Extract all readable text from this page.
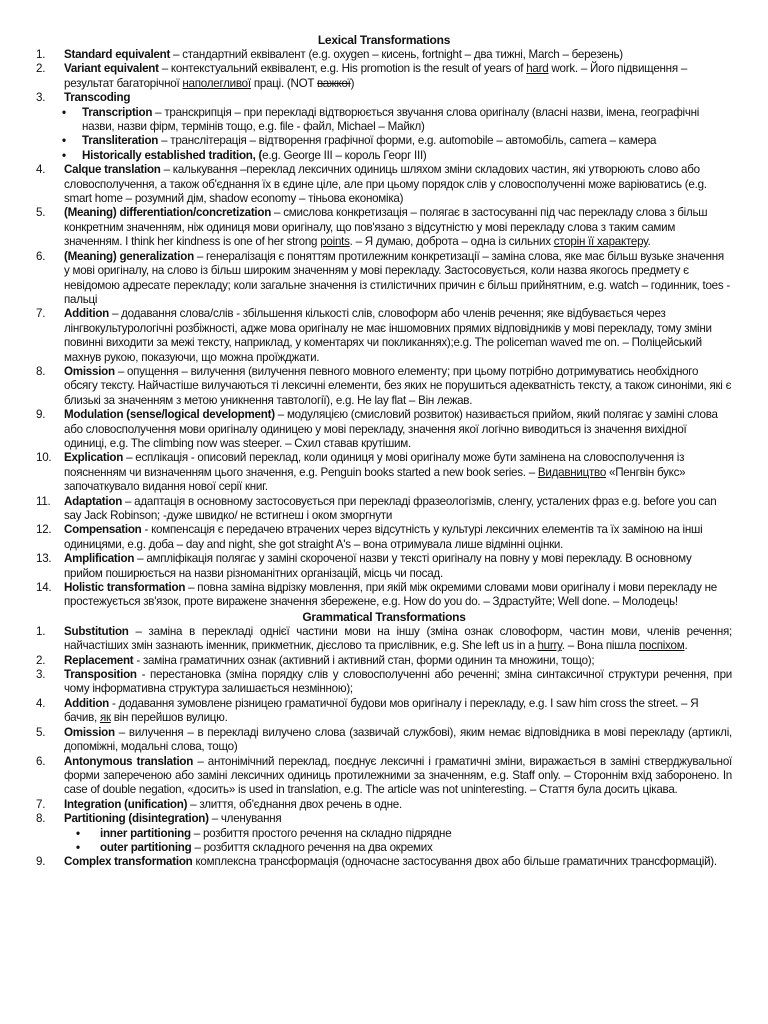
Lexical Transformations
1. Standard equivalent – стандартний еквівалент (e.g. oxygen – кисень, fortnight – два тижні, March – березень)
2. Variant equivalent – контекстуальний еквівалент, e.g. His promotion is the result of years of hard work. – Його підвищення – результат багаторічної наполегливої праці. (NOT важкої)
3. Transcoding
• Transcription – транскрипція – при перекладі відтворюється звучання слова оригіналу (власні назви, імена, географічні назви, назви фірм, термінів тощо, e.g. file - файл, Michael – Майкл)
• Transliteration – транслітерація – відтворення графічної форми, e.g. automobile – автомобіль, camera – камера
• Historically established tradition, (e.g. George III – король Георг III)
4. Calque translation – калькування –переклад лексичних одиниць шляхом зміни складових частин, які утворюють слово або словосполучення, а також об'єднання їх в єдине ціле, але при цьому порядок слів у словосполученні може варіюватись (e.g. smart home – розумний дім, shadow economy – тіньова економіка)
5. (Meaning) differentiation/concretization – смислова конкретизація – полягає в застосуванні під час перекладу слова з більш конкретним значенням, ніж одиниця мови оригіналу, що пов'язано з відсутністю у мові перекладу слова з таким самим значенням. I think her kindness is one of her strong points. – Я думаю, доброта – одна із сильних сторін її характеру.
6. (Meaning) generalization – генералізація є поняттям протилежним конкретизації – заміна слова, яке має більш вузьке значення у мові оригіналу, на слово із більш широким значенням у мові перекладу. Застосовується, коли назва якогось предмету є невідомою адресате перекладу; коли загальне значення із стилістичних причин є більш прийнятним, e.g. watch – годинник, toes - пальці
7. Addition – додавання слова/слів - збільшення кількості слів, словоформ або членів речення; яке відбувається через лінгвокультурологічні розбіжності, адже мова оригіналу не має іншомовних прямих відповідників у мові перекладу, тому зміни повинні виходити за межі тексту, наприклад, у коментарях чи покликаннях);e.g. The policeman waved me on. – Поліцейський махнув рукою, показуючи, що можна проїжджати.
8. Omission – опущення – вилучення (вилучення певного мовного елементу; при цьому потрібно дотримуватись необхідного обсягу тексту. Найчастіше вилучаються ті лексичні елементи, без яких не порушиться адекватність тексту, а також синоніми, які є близькі за значенням з метою уникнення тавтології), e.g. He lay flat – Він лежав.
9. Modulation (sense/logical development) – модуляцією (смисловий розвиток) називається прийом, який полягає у заміні слова або словосполучення мови оригіналу одиницею у мові перекладу, значення якої логічно виводиться із значення вихідної одиниці, e.g. The climbing now was steeper. – Схил ставав крутішим.
10. Explication – есплікація - описовий переклад, коли одиниця у мові оригіналу може бути замінена на словосполучення із поясненням чи визначенням цього значення, e.g. Penguin books started a new book series. – Видавництво «Пенгвін букс» започаткувало видання нової серії книг.
11. Adaptation – адаптація в основному застосовується при перекладі фразеологізмів, сленгу, усталених фраз e.g. before you can say Jack Robinson; -дуже швидко/ не встигнеш і оком зморгнути
12. Compensation - компенсація є передачею втрачених через відсутність у культурі лексичних елементів та їх заміною на інші одиницями, e.g. доба – day and night, she got straight A's – вона отримувала лише відмінні оцінки.
13. Amplification – ампліфікація полягає у заміні скороченої назви у тексті оригіналу на повну у мові перекладу. В основному прийом поширюється на назви різноманітних організацій, місць чи посад.
14. Holistic transformation – повна заміна відрізку мовлення, при якій між окремими словами мови оригіналу і мови перекладу не простежується зв'язок, проте виражене значення збережене, e.g. How do you do. – Здрастуйте; Well done. – Молодець!
Grammatical Transformations
1. Substitution – заміна в перекладі однієї частини мови на іншу (зміна ознак словоформ, частин мови, членів речення; найчастіших змін зазнають іменник, прикметник, дієслово та прислівник, e.g. She left us in a hurry. – Вона пішла поспіхом.
2. Replacement - заміна граматичних ознак (активний і активний стан, форми одинин та множини, тощо);
3. Transposition - перестановка (зміна порядку слів у словосполученні або реченні; зміна синтаксичної структури речення, при чому інформативна структура залишається незмінною);
4. Addition - додавання зумовлене різницею граматичної будови мов оригіналу і перекладу, e.g. I saw him cross the street. – Я бачив, як він перейшов вулицю.
5. Omission – вилучення – в перекладі вилучено слова (зазвичай службові), яким немає відповідника в мові перекладу (артиклі, допоміжні, модальні слова, тощо)
6. Antonymous translation – антонімічний переклад, поєднує лексичні і граматичні зміни, виражається в заміні стверджувальної форми запереченою або заміні лексичних одиниць протилежними за значенням, e.g. Staff only. – Стороннім вхід заборонено. In case of double negation, «досить» is used in translation, e.g. The article was not uninteresting. – Стаття була досить цікава.
7. Integration (unification) – злиття, об'єднання двох речень в одне.
8. Partitioning (disintegration) – членування
• inner partitioning – розбиття простого речення на складно підрядне
• outer partitioning – розбиття складного речення на два окремих
9. Complex transformation комплексна трансформація (одночасне застосування двох або більше граматичних трансформацій).
